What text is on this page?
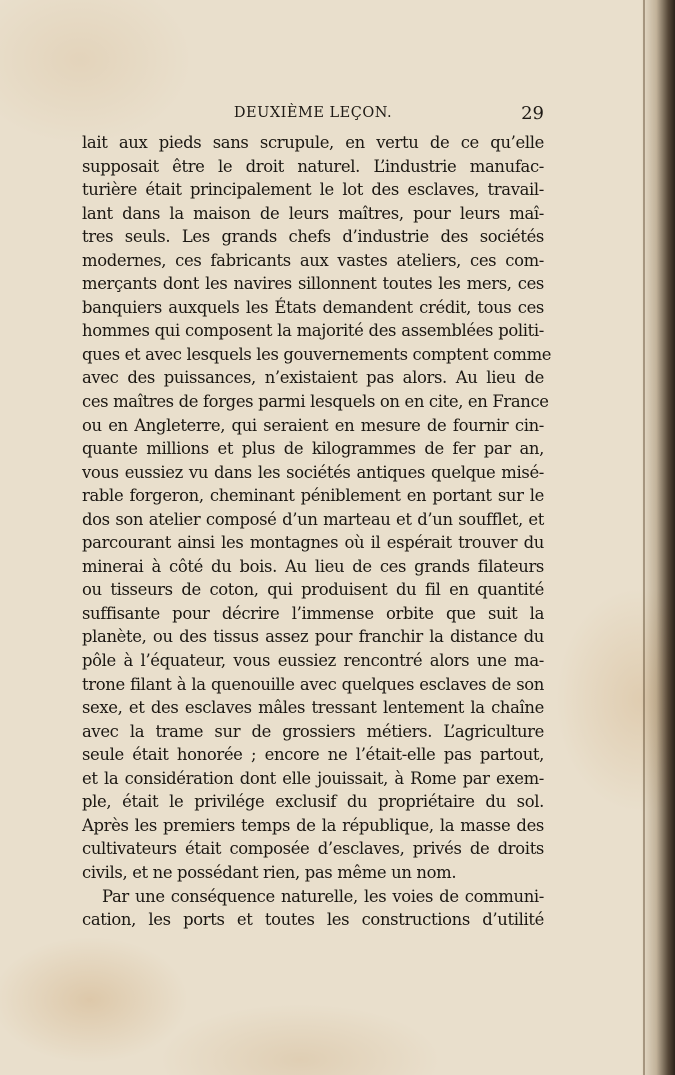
DEUXIÈME LEÇON.	29
lait aux pieds sans scrupule, en vertu de ce qu’elle
supposait être le droit naturel. L’industrie manufac-
turière était principalement le lot des esclaves, travail-
lant dans la maison de leurs maîtres, pour leurs maî-
tres seuls. Les grands chefs d’industrie des sociétés
modernes, ces fabricants aux vastes ateliers, ces com-
merçants dont les navires sillonnent toutes les mers, ces
banquiers auxquels les États demandent crédit, tous ces
hommes qui composent la majorité des assemblées politi-
ques et avec lesquels les gouvernements comptent comme
avec des puissances, n’existaient pas alors. Au lieu de
ces maîtres de forges parmi lesquels on en cite, en France
ou en Angleterre, qui seraient en mesure de fournir cin-
quante millions et plus de kilogrammes de fer par an,
vous eussiez vu dans les sociétés antiques quelque misé-
rable forgeron, cheminant péniblement en portant sur le
dos son atelier composé d’un marteau et d’un soufflet, et
parcourant ainsi les montagnes où il espérait trouver du
minerai à côté du bois. Au lieu de ces grands filateurs
ou tisseurs de coton, qui produisent du fil en quantité
suffisante pour décrire l’immense orbite que suit la
planète, ou des tissus assez pour franchir la distance du
pôle à l’équateur, vous eussiez rencontré alors une ma-
trone filant à la quenouille avec quelques esclaves de son
sexe, et des esclaves mâles tressant lentement la chaîne
avec la trame sur de grossiers métiers. L’agriculture
seule était honorée ; encore ne l’était-elle pas partout,
et la considération dont elle jouissait, à Rome par exem-
ple, était le privilége exclusif du propriétaire du sol.
Après les premiers temps de la république, la masse des
cultivateurs était composée d’esclaves, privés de droits
civils, et ne possédant rien, pas même un nom.
Par une conséquence naturelle, les voies de communi-
cation, les ports et toutes les constructions d’utilité
